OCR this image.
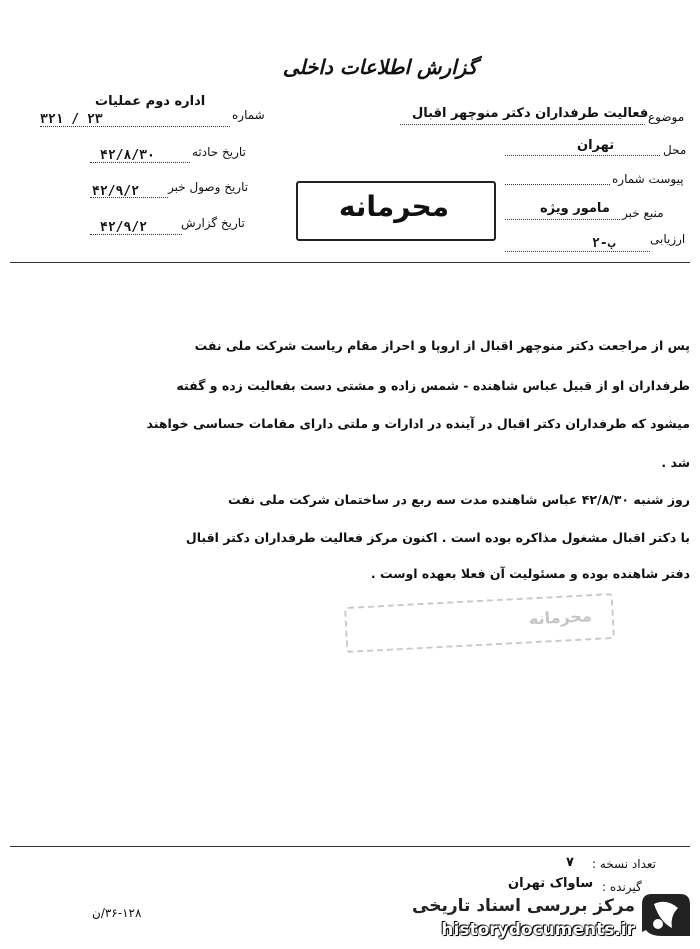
گزارش اطلاعات داخلی
اداره دوم عملیات
شماره
۳۲۱ / ۲۳
تاریخ حادثه
۴۲/۸/۳۰
تاریخ وصول خبر
۴۲/۹/۲
تاریخ گزارش
۴۲/۹/۲
موضوع
فعالیت طرفداران دکتر منوچهر اقبال
محل
تهران
پیوست شماره
منبع خبر
مامور ویژه
ارزیابی
ب-۲
محرمانه
پس از مراجعت دکتر منوچهر اقبال از اروپا و احراز مقام ریاست شرکت ملی نفت
طرفداران او از قبیل عباس شاهنده - شمس زاده و مشتی دست بفعالیت زده و گفته
میشود که طرفداران دکتر اقبال در آینده در ادارات و ملتی دارای مقامات حساسی خواهند
شد .
روز شنبه ۴۲/۸/۳۰ عباس شاهنده مدت سه ربع در ساختمان شرکت ملی نفت
با دکتر اقبال مشغول مذاکره بوده است . اکنون مرکز فعالیت طرفداران دکتر اقبال
دفتر شاهنده بوده و مسئولیت آن فعلا بعهده اوست .
محرمانه
تعداد نسخه :
۷
گیرنده :
ساواک تهران
۳۶-۱۲۸/ن	مرکز بررسی اسناد تاریخی
historydocuments.ir
